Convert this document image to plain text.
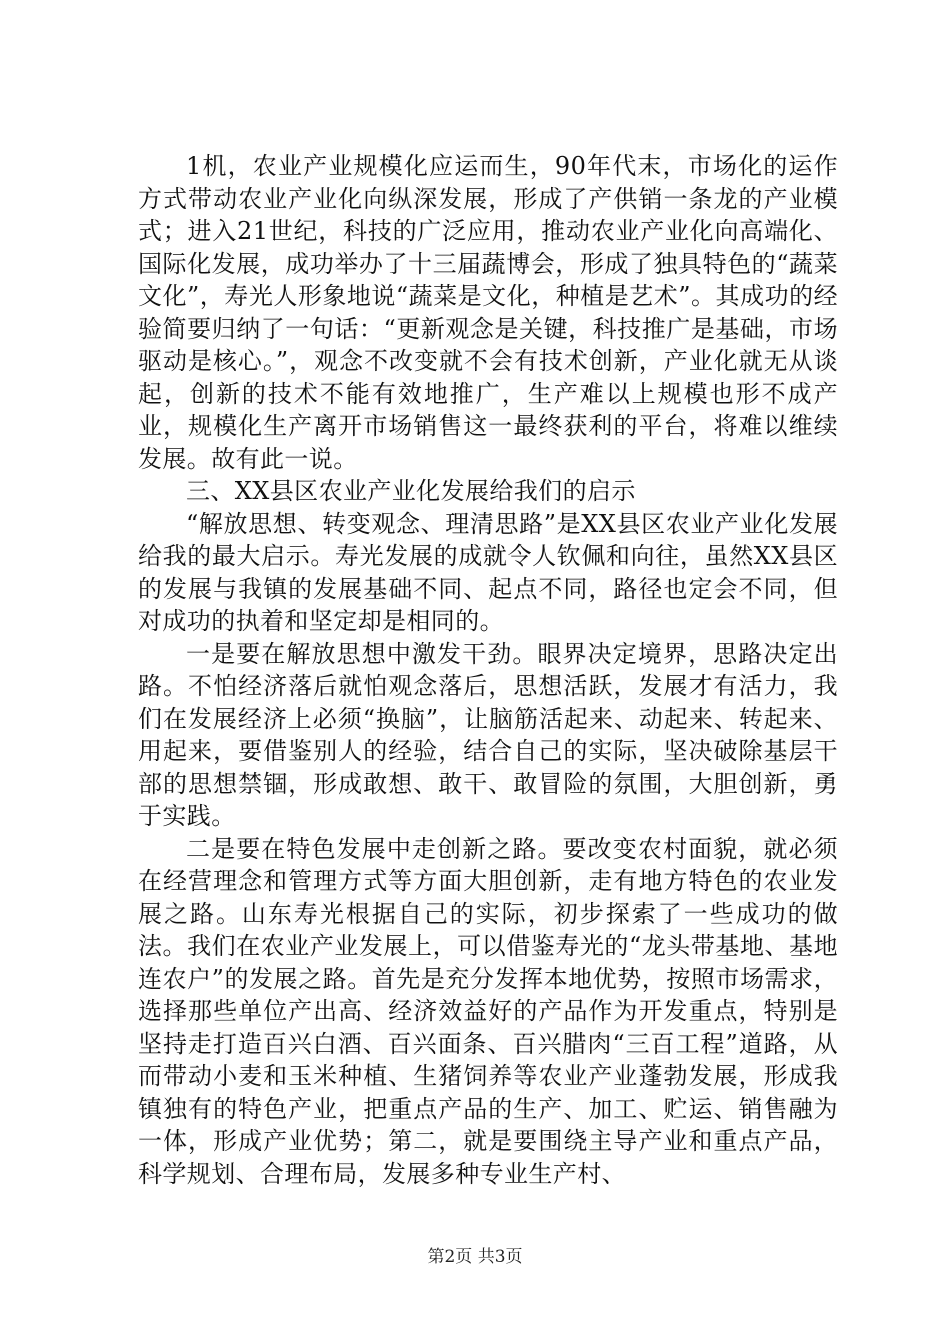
1机，农业产业规模化应运而生，90年代末，市场化的运作方式带动农业产业化向纵深发展，形成了产供销一条龙的产业模式；进入21世纪，科技的广泛应用，推动农业产业化向高端化、国际化发展，成功举办了十三届蔬博会，形成了独具特色的“蔬菜文化”，寿光人形象地说“蔬菜是文化，种植是艺术”。其成功的经验简要归纳了一句话：“更新观念是关键，科技推广是基础，市场驱动是核心。”，观念不改变就不会有技术创新，产业化就无从谈起，创新的技术不能有效地推广，生产难以上规模也形不成产业，规模化生产离开市场销售这一最终获利的平台，将难以维续发展。故有此一说。

三、XX县区农业产业化发展给我们的启示

“解放思想、转变观念、理清思路”是XX县区农业产业化发展给我的最大启示。寿光发展的成就令人钦佩和向往，虽然XX县区的发展与我镇的发展基础不同、起点不同，路径也定会不同，但对成功的执着和坚定却是相同的。

一是要在解放思想中激发干劲。眼界决定境界，思路决定出路。不怕经济落后就怕观念落后，思想活跃，发展才有活力，我们在发展经济上必须“换脑”，让脑筋活起来、动起来、转起来、用起来，要借鉴别人的经验，结合自己的实际，坚决破除基层干部的思想禁锢，形成敢想、敢干、敢冒险的氛围，大胆创新，勇于实践。

二是要在特色发展中走创新之路。要改变农村面貌，就必须在经营理念和管理方式等方面大胆创新，走有地方特色的农业发展之路。山东寿光根据自己的实际，初步探索了一些成功的做法。我们在农业产业发展上，可以借鉴寿光的“龙头带基地、基地连农户”的发展之路。首先是充分发挥本地优势，按照市场需求，选择那些单位产出高、经济效益好的产品作为开发重点，特别是坚持走打造百兴白酒、百兴面条、百兴腊肉“三百工程”道路，从而带动小麦和玉米种植、生猪饲养等农业产业蓬勃发展，形成我镇独有的特色产业，把重点产品的生产、加工、贮运、销售融为一体，形成产业优势；第二，就是要围绕主导产业和重点产品，科学规划、合理布局，发展多种专业生产村、

第2页 共3页
